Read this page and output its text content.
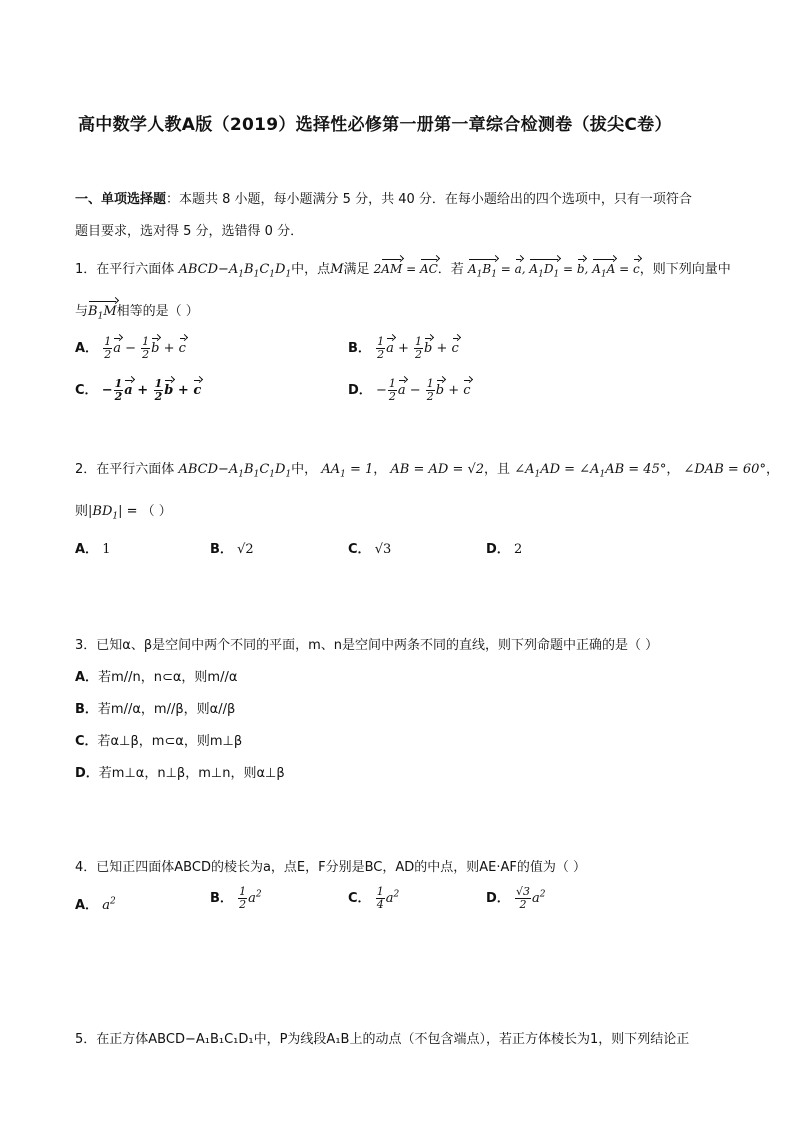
高中数学人教A版（2019）选择性必修第一册第一章综合检测卷（拔尖C卷）
一、单项选择题：本题共 8 小题，每小题满分 5 分，共 40 分．在每小题给出的四个选项中，只有一项符合
题目要求，选对得 5 分，选错得 0 分．
1．在平行六面体 $ABCD-A_1B_1C_1D_1$中，点M满足 2AM = AC．若 $A_1B_1 = a$, $A_1D_1 = b$, $A_1A = c$，则下列向量中
与$B_1M$相等的是（ ）
A． $\frac{1}{2}$ $a - \frac{1}{2}$ b + c	B． $\frac{1}{2}$ $a + \frac{1}{2}$ b + c
C． − $\frac{1}{2}$ $a + \frac{1}{2}$ b + c	D． − $\frac{1}{2}$ $a - \frac{1}{2}$ b + c
2．在平行六面体 $ABCD-A_1B_1C_1D_1$中， $AA_1 = 1$， AB = AD = √2，且 $\angle A_1AD$ = $\angle A_1AB = 45^\circ$， ∠DAB = 60°，
则$|BD_1|$ = （ ）
A． 1	B． √2	C． √3	D． 2
3．已知α、β是空间中两个不同的平面，m、n是空间中两条不同的直线，则下列命题中正确的是（ ）
A．若m//n，n⊂α，则m//α
B．若m//α，m//β，则α//β
C．若α⊥β，m⊂α，则m⊥β
D．若m⊥α，n⊥β，m⊥n，则α⊥β
4．已知正四面体ABCD的棱长为a，点E，F分别是BC，AD的中点，则AE·AF的值为（ ）
A． $a^2$	B． $\frac{1}{2} a^2$	C． $\frac{1}{4} a^2$	D． $\frac{√3}{2} a^2$
5．在正方体ABCD−A₁B₁C₁D₁中，P为线段A₁B上的动点（不包含端点），若正方体棱长为1，则下列结论正
